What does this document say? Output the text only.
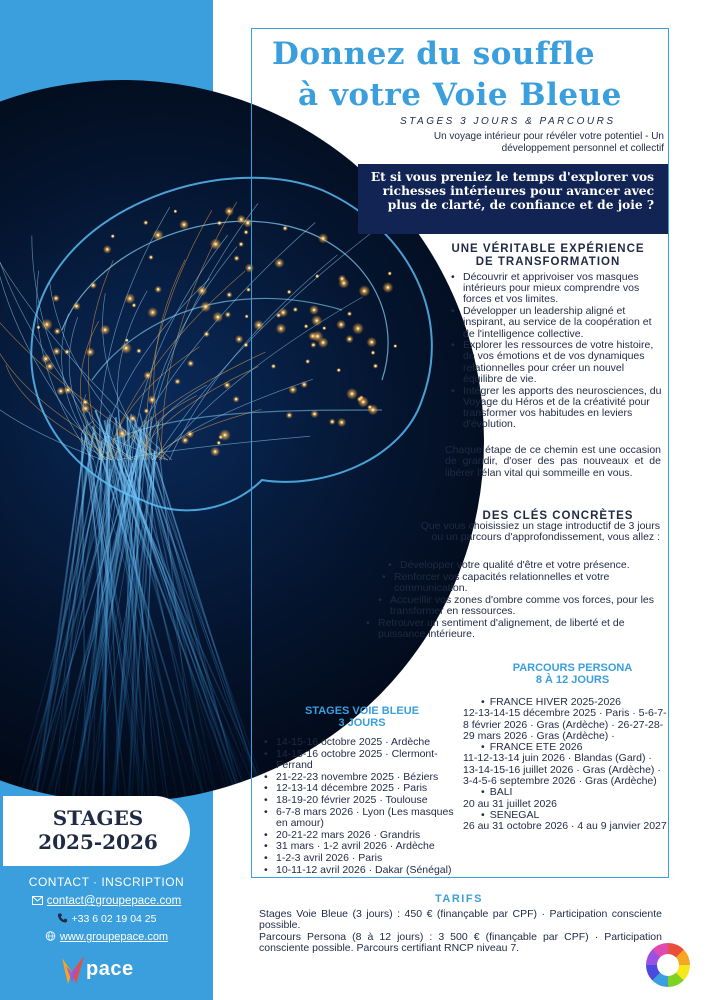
Donnez du souffle
à votre Voie Bleue
STAGES 3 JOURS & PARCOURS
Un voyage intérieur pour révéler votre potentiel - Un développement personnel et collectif
Et si vous preniez le temps d'explorer vos richesses intérieures pour avancer avec plus de clarté, de confiance et de joie ?
UNE VÉRITABLE EXPÉRIENCE
DE TRANSFORMATION
• Découvrir et apprivoiser vos masques intérieurs pour mieux comprendre vos forces et vos limites.
• Développer un leadership aligné et inspirant, au service de la coopération et de l'intelligence collective.
• Explorer les ressources de votre histoire, de vos émotions et de vos dynamiques relationnelles pour créer un nouvel équilibre de vie.
• Intégrer les apports des neurosciences, du Voyage du Héros et de la créativité pour transformer vos habitudes en leviers d'évolution.
Chaque étape de ce chemin est une occasion de grandir, d'oser des pas nouveaux et de libérer l'élan vital qui sommeille en vous.
DES CLÉS CONCRÈTES
Que vous choisissiez un stage introductif de 3 jours ou un parcours d'approfondissement, vous allez :
• Développer votre qualité d'être et votre présence.
• Renforcer vos capacités relationnelles et votre communication.
• Accueillir vos zones d'ombre comme vos forces, pour les transformer en ressources.
• Retrouver un sentiment d'alignement, de liberté et de puissance intérieure.
PARCOURS PERSONA
8 À 12 JOURS
STAGES VOIE BLEUE
3 JOURS
• 14-15-16 octobre 2025 · Ardèche
• 14-15-16 octobre 2025 · Clermont-Ferrand
• 21-22-23 novembre 2025 · Béziers
• 12-13-14 décembre 2025 · Paris
• 18-19-20 février 2025 · Toulouse
• 6-7-8 mars 2026 · Lyon (Les masques en amour)
• 20-21-22 mars 2026 · Grandris
• 31 mars · 1-2 avril 2026 · Ardèche
• 1-2-3 avril 2026 · Paris
• 10-11-12 avril 2026 · Dakar (Sénégal)
• FRANCE HIVER 2025-2026
12-13-14-15 décembre 2025 · Paris · 5-6-7-8 février 2026 · Gras (Ardèche) · 26-27-28-29 mars 2026 · Gras (Ardèche) ·
• FRANCE ETE 2026
11-12-13-14 juin 2026 · Blandas (Gard) · 13-14-15-16 juillet 2026 · Gras (Ardèche) · 3-4-5-6 septembre 2026 · Gras (Ardèche)
• BALI
20 au 31 juillet 2026
• SENEGAL
26 au 31 octobre 2026 · 4 au 9 janvier 2027
TARIFS
Stages Voie Bleue (3 jours) : 450 € (finançable par CPF) · Participation consciente possible.
Parcours Persona (8 à 12 jours) : 3 500 € (finançable par CPF) · Participation consciente possible. Parcours certifiant RNCP niveau 7.
STAGES
2025-2026
CONTACT · INSCRIPTION
contact@groupepace.com
+33 6 02 19 04 25
www.groupepace.com
pace
